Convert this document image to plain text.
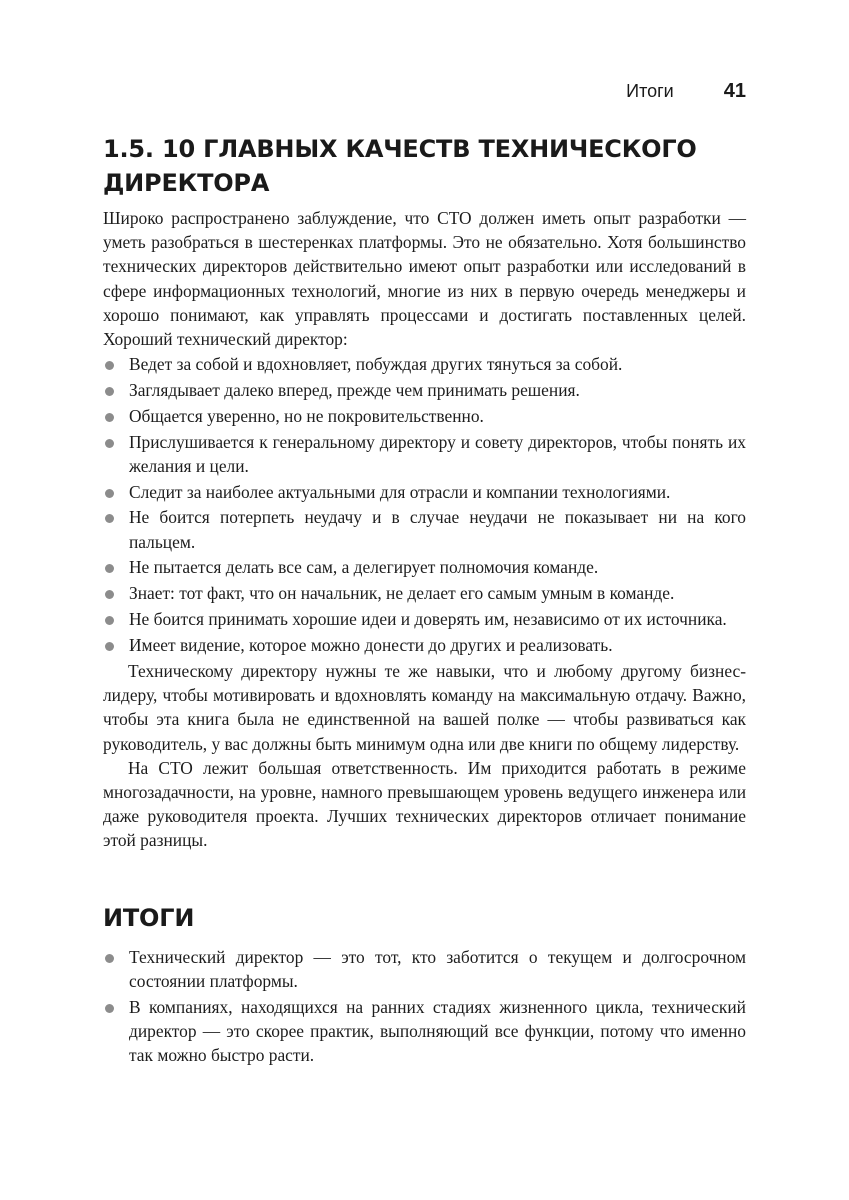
Итоги	41
1.5. 10 ГЛАВНЫХ КАЧЕСТВ ТЕХНИЧЕСКОГО
ДИРЕКТОРА

Широко распространено заблуждение, что CTO должен иметь опыт разработки — уметь разобраться в шестеренках платформы. Это не обязательно. Хотя большинство технических директоров действительно имеют опыт разработки или исследований в сфере информационных технологий, многие из них в первую очередь менеджеры и хорошо понимают, как управлять процессами и достигать поставленных целей. Хороший технический директор:

Ведет за собой и вдохновляет, побуждая других тянуться за собой.
Заглядывает далеко вперед, прежде чем принимать решения.
Общается уверенно, но не покровительственно.
Прислушивается к генеральному директору и совету директоров, чтобы понять их желания и цели.
Следит за наиболее актуальными для отрасли и компании технологиями.
Не боится потерпеть неудачу и в случае неудачи не показывает ни на кого пальцем.
Не пытается делать все сам, а делегирует полномочия команде.
Знает: тот факт, что он начальник, не делает его самым умным в команде.
Не боится принимать хорошие идеи и доверять им, независимо от их источника.
Имеет видение, которое можно донести до других и реализовать.

Техническому директору нужны те же навыки, что и любому другому бизнес-лидеру, чтобы мотивировать и вдохновлять команду на максимальную отдачу. Важно, чтобы эта книга была не единственной на вашей полке — чтобы развиваться как руководитель, у вас должны быть минимум одна или две книги по общему лидерству.

На CTO лежит большая ответственность. Им приходится работать в режиме многозадачности, на уровне, намного превышающем уровень ведущего инженера или даже руководителя проекта. Лучших технических директоров отличает понимание этой разницы.

ИТОГИ
Технический директор — это тот, кто заботится о текущем и долгосрочном состоянии платформы.
В компаниях, находящихся на ранних стадиях жизненного цикла, технический директор — это скорее практик, выполняющий все функции, потому что именно так можно быстро расти.
